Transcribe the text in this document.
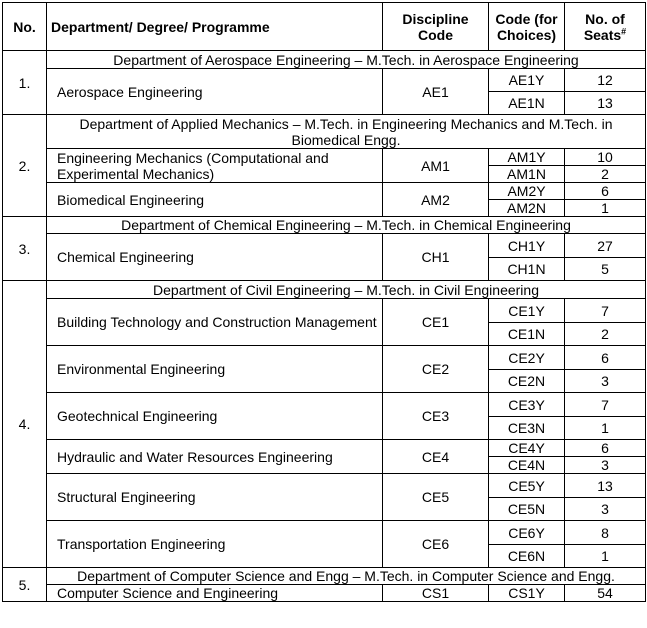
No.	Department/ Degree/ Programme	Discipline Code	Code (for Choices)	No. of Seats#
1.	Department of Aerospace Engineering – M.Tech. in Aerospace Engineering			
	Aerospace Engineering	AE1	AE1Y	12
			AE1N	13
2.	Department of Applied Mechanics – M.Tech. in Engineering Mechanics and M.Tech. in Biomedical Engg.			
	Engineering Mechanics (Computational and Experimental Mechanics)	AM1	AM1Y	10
			AM1N	2
	Biomedical Engineering	AM2	AM2Y	6
			AM2N	1
3.	Department of Chemical Engineering – M.Tech. in Chemical Engineering			
	Chemical Engineering	CH1	CH1Y	27
			CH1N	5
4.	Department of Civil Engineering – M.Tech. in Civil Engineering			
	Building Technology and Construction Management	CE1	CE1Y	7
			CE1N	2
	Environmental Engineering	CE2	CE2Y	6
			CE2N	3
	Geotechnical Engineering	CE3	CE3Y	7
			CE3N	1
	Hydraulic and Water Resources Engineering	CE4	CE4Y	6
			CE4N	3
	Structural Engineering	CE5	CE5Y	13
			CE5N	3
	Transportation Engineering	CE6	CE6Y	8
			CE6N	1
5.	Department of Computer Science and Engg – M.Tech. in Computer Science and Engg.			
	Computer Science and Engineering	CS1	CS1Y	54
